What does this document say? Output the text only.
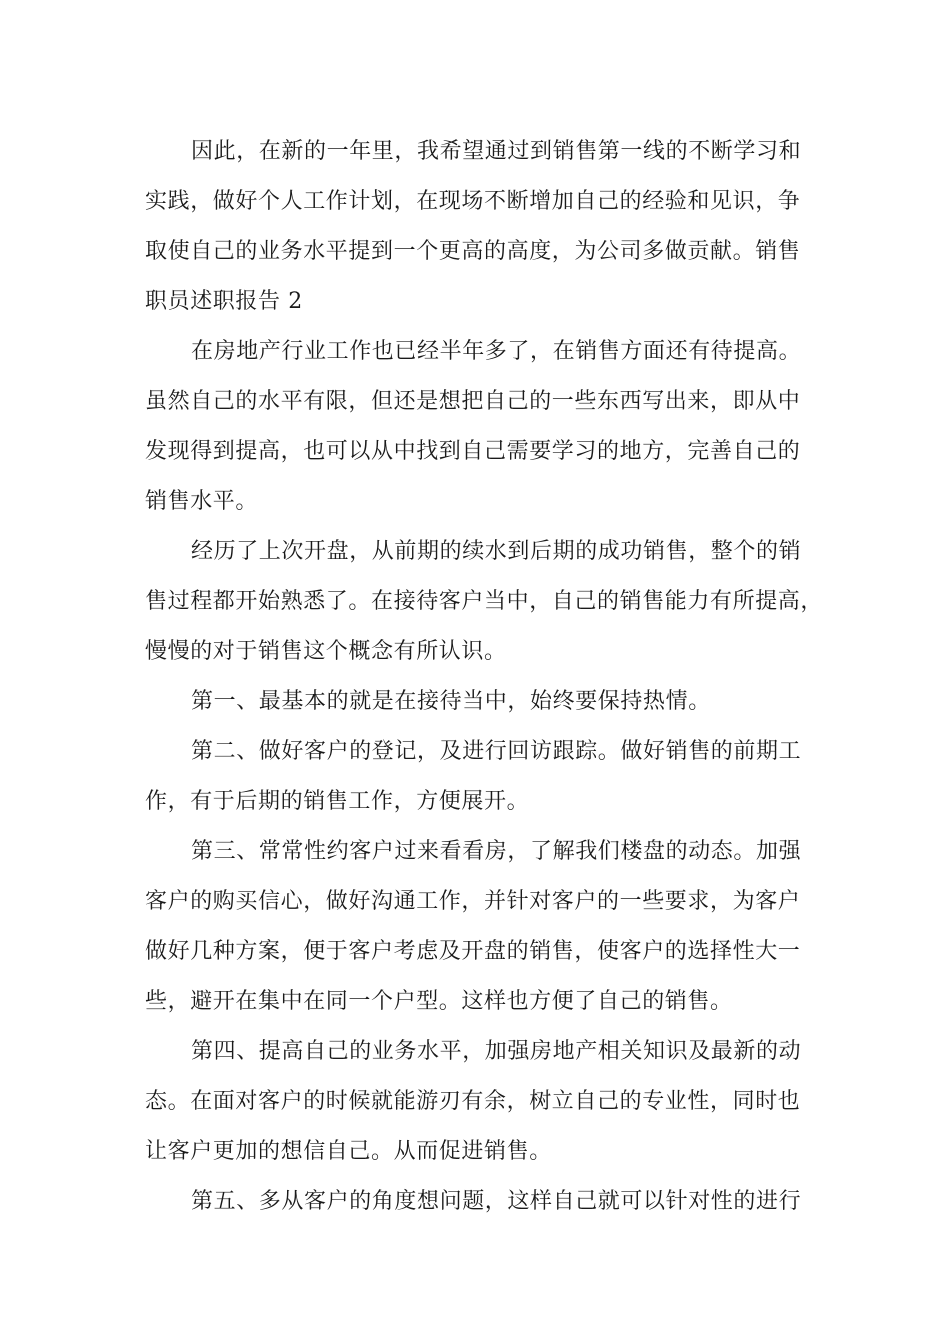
因此，在新的一年里，我希望通过到销售第一线的不断学习和
实践，做好个人工作计划，在现场不断增加自己的经验和见识，争
取使自己的业务水平提到一个更高的高度，为公司多做贡献。销售
职员述职报告 2
在房地产行业工作也已经半年多了，在销售方面还有待提高。
虽然自己的水平有限，但还是想把自己的一些东西写出来，即从中
发现得到提高，也可以从中找到自己需要学习的地方，完善自己的
销售水平。
经历了上次开盘，从前期的续水到后期的成功销售，整个的销
售过程都开始熟悉了。在接待客户当中，自己的销售能力有所提高，
慢慢的对于销售这个概念有所认识。
第一、最基本的就是在接待当中，始终要保持热情。
第二、做好客户的登记，及进行回访跟踪。做好销售的前期工
作，有于后期的销售工作，方便展开。
第三、常常性约客户过来看看房，了解我们楼盘的动态。加强
客户的购买信心，做好沟通工作，并针对客户的一些要求，为客户
做好几种方案，便于客户考虑及开盘的销售，使客户的选择性大一
些，避开在集中在同一个户型。这样也方便了自己的销售。
第四、提高自己的业务水平，加强房地产相关知识及最新的动
态。在面对客户的时候就能游刃有余，树立自己的专业性，同时也
让客户更加的想信自己。从而促进销售。
第五、多从客户的角度想问题，这样自己就可以针对性的进行
